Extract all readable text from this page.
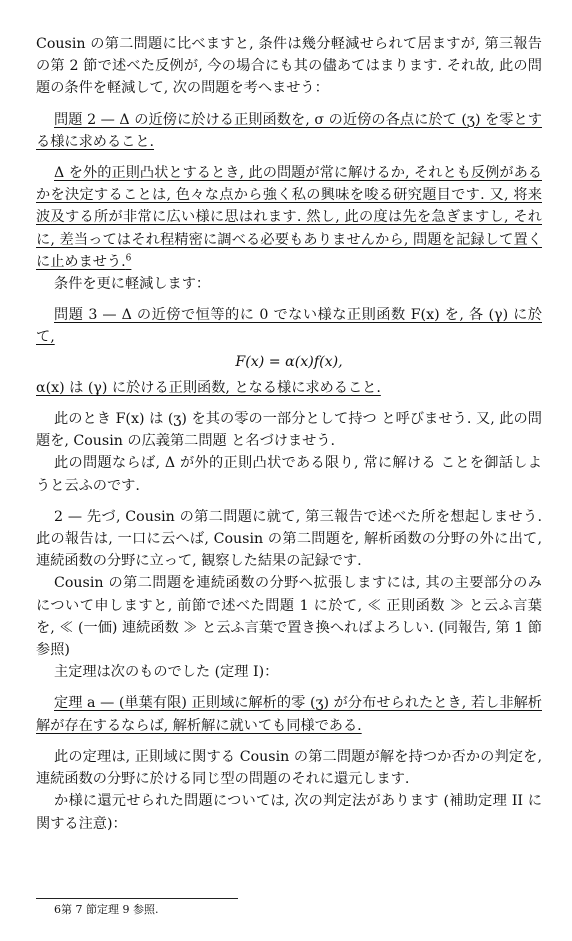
Cousin の第二問題に比べますと, 条件は幾分軽減せられて居ますが, 第三報告の第 2 節で述べた反例が, 今の場合にも其の儘あてはまります. それ故, 此の問題の条件を軽減して, 次の問題を考へませう：

問題 2 — Δ の近傍に於ける正則函数を, σ の近傍の各点に於て (ʒ) を零とする様に求めること.

Δ を外的正則凸状とするとき, 此の問題が常に解けるか, それとも反例があるかを決定することは, 色々な点から強く私の興味を唆る研究題目です. 又, 将来波及する所が非常に広い様に思はれます. 然し, 此の度は先を急ぎますし, それに, 差当ってはそれ程精密に調べる必要もありませんから, 問題を記録して置くに止めませう.$^6$

条件を更に軽減します：

問題 3 — Δ の近傍で恒等的に 0 でない様な正則函数 F(x) を, 各 (γ) に於て,

F(x) = α(x)f(x),

α(x) は (γ) に於ける正則函数, となる様に求めること.

此のとき F(x) は (ʒ) を其の零の一部分として持つ と呼びませう. 又, 此の問題を, Cousin の広義第二問題 と名づけませう.

此の問題ならば, Δ が外的正則凸状である限り, 常に解ける ことを御話しようと云ふのです.

2 — 先づ, Cousin の第二問題に就て, 第三報告で述べた所を想起しませう. 此の報告は, 一口に云へば, Cousin の第二問題を, 解析函数の分野の外に出て, 連続函数の分野に立って, 観察した結果の記録です.

Cousin の第二問題を連続函数の分野へ拡張しますには, 其の主要部分のみについて申しますと, 前節で述べた問題 1 に於て, ≪ 正則函数 ≫ と云ふ言葉を, ≪ (一価) 連続函数 ≫ と云ふ言葉で置き換へればよろしい. (同報告, 第 1 節参照)

主定理は次のものでした (定理 I)：

定理 a — (単葉有限) 正則域に解析的零 (ʒ) が分布せられたとき, 若し非解析解が存在するならば, 解析解に就いても同様である.

此の定理は, 正則域に関する Cousin の第二問題が解を持つか否かの判定を, 連続函数の分野に於ける同じ型の問題のそれに還元します.

か様に還元せられた問題については, 次の判定法があります (補助定理 II に関する注意)：

6第 7 節定理 9 参照.
